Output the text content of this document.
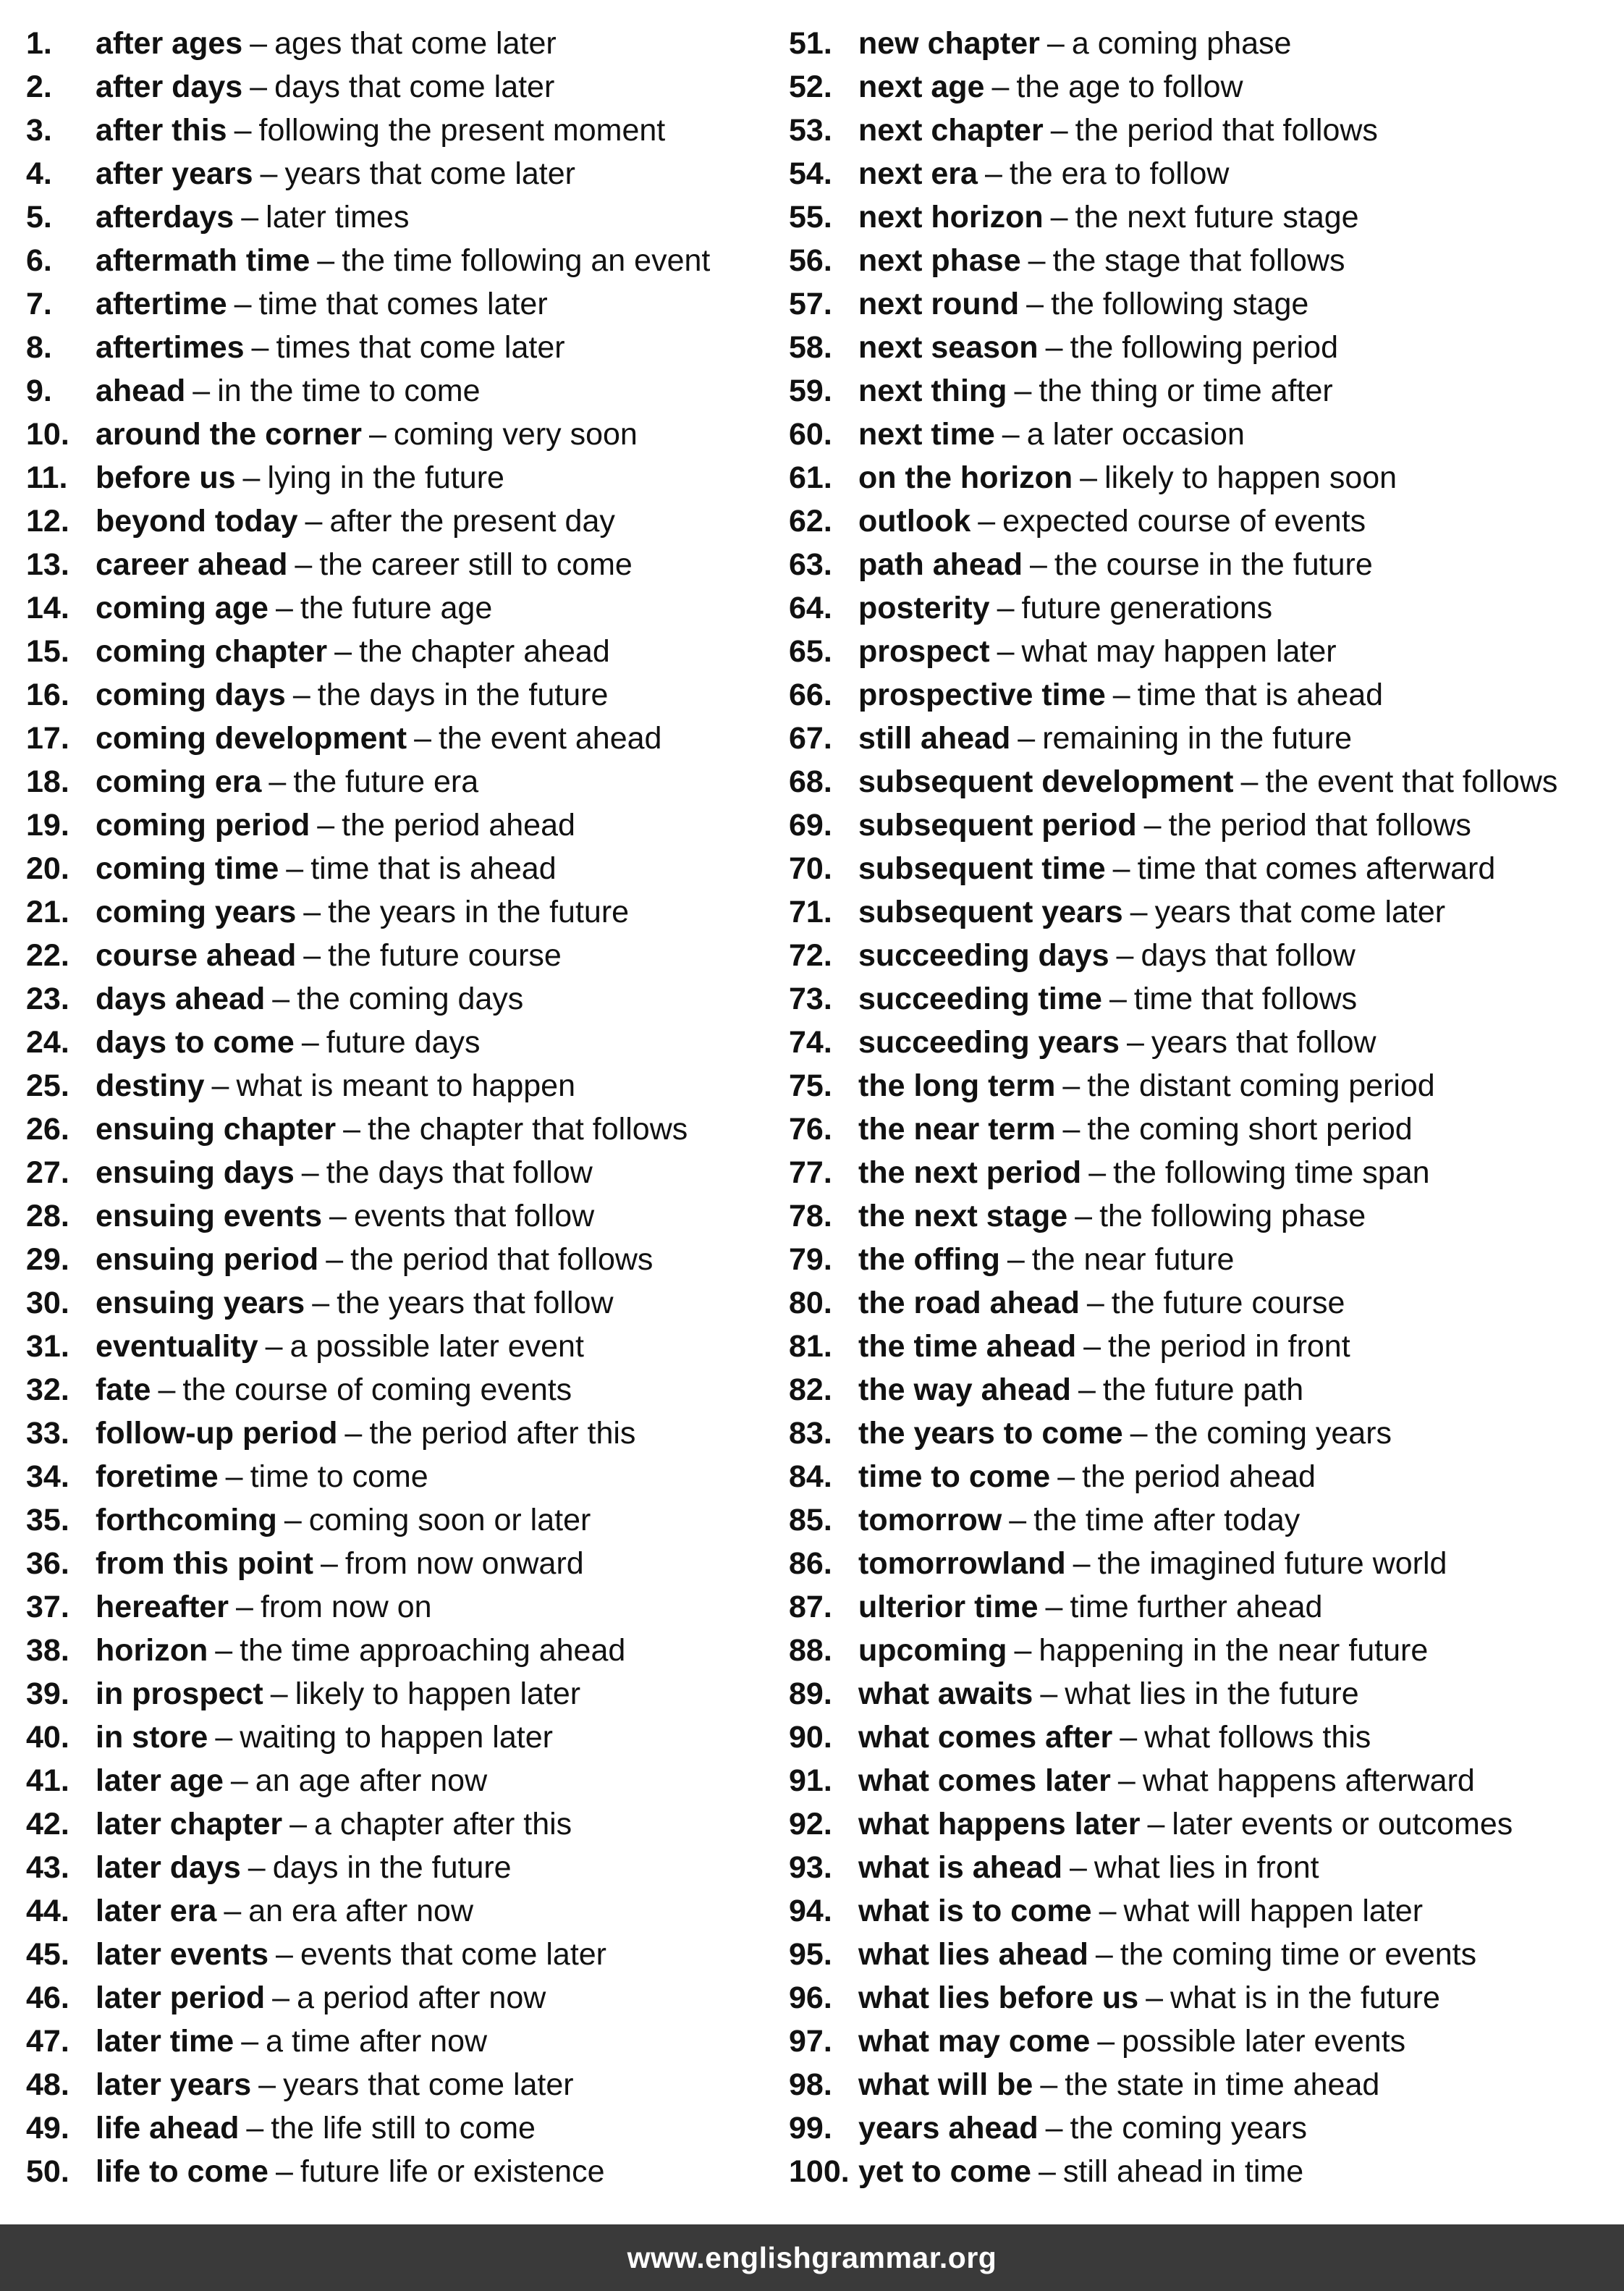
1.	after ages – ages that come later
2.	after days – days that come later
3.	after this – following the present moment
4.	after years – years that come later
5.	afterdays – later times
6.	aftermath time – the time following an event
7.	aftertime – time that comes later
8.	aftertimes – times that come later
9.	ahead – in the time to come
10. around the corner – coming very soon
11. before us – lying in the future
12. beyond today – after the present day
13. career ahead – the career still to come
14. coming age – the future age
15. coming chapter – the chapter ahead
16. coming days – the days in the future
17. coming development – the event ahead
18. coming era – the future era
19. coming period – the period ahead
20. coming time – time that is ahead
21. coming years – the years in the future
22. course ahead – the future course
23. days ahead – the coming days
24. days to come – future days
25. destiny – what is meant to happen
26. ensuing chapter – the chapter that follows
27. ensuing days – the days that follow
28. ensuing events – events that follow
29. ensuing period – the period that follows
30. ensuing years – the years that follow
31. eventuality – a possible later event
32. fate – the course of coming events
33. follow-up period – the period after this
34. foretime – time to come
35. forthcoming – coming soon or later
36. from this point – from now onward
37. hereafter – from now on
38. horizon – the time approaching ahead
39. in prospect – likely to happen later
40. in store – waiting to happen later
41. later age – an age after now
42. later chapter – a chapter after this
43. later days – days in the future
44. later era – an era after now
45. later events – events that come later
46. later period – a period after now
47. later time – a time after now
48. later years – years that come later
49. life ahead – the life still to come
50. life to come – future life or existence
51. new chapter – a coming phase
52. next age – the age to follow
53. next chapter – the period that follows
54. next era – the era to follow
55. next horizon – the next future stage
56. next phase – the stage that follows
57. next round – the following stage
58. next season – the following period
59. next thing – the thing or time after
60. next time – a later occasion
61. on the horizon – likely to happen soon
62. outlook – expected course of events
63. path ahead – the course in the future
64. posterity – future generations
65. prospect – what may happen later
66. prospective time – time that is ahead
67. still ahead – remaining in the future
68. subsequent development – the event that follows
69. subsequent period – the period that follows
70. subsequent time – time that comes afterward
71. subsequent years – years that come later
72. succeeding days – days that follow
73. succeeding time – time that follows
74. succeeding years – years that follow
75. the long term – the distant coming period
76. the near term – the coming short period
77. the next period – the following time span
78. the next stage – the following phase
79. the offing – the near future
80. the road ahead – the future course
81. the time ahead – the period in front
82. the way ahead – the future path
83. the years to come – the coming years
84. time to come – the period ahead
85. tomorrow – the time after today
86. tomorrowland – the imagined future world
87. ulterior time – time further ahead
88. upcoming – happening in the near future
89. what awaits – what lies in the future
90. what comes after – what follows this
91. what comes later – what happens afterward
92. what happens later – later events or outcomes
93. what is ahead – what lies in front
94. what is to come – what will happen later
95. what lies ahead – the coming time or events
96. what lies before us – what is in the future
97. what may come – possible later events
98. what will be – the state in time ahead
99. years ahead – the coming years
100. yet to come – still ahead in time
www.englishgrammar.org
